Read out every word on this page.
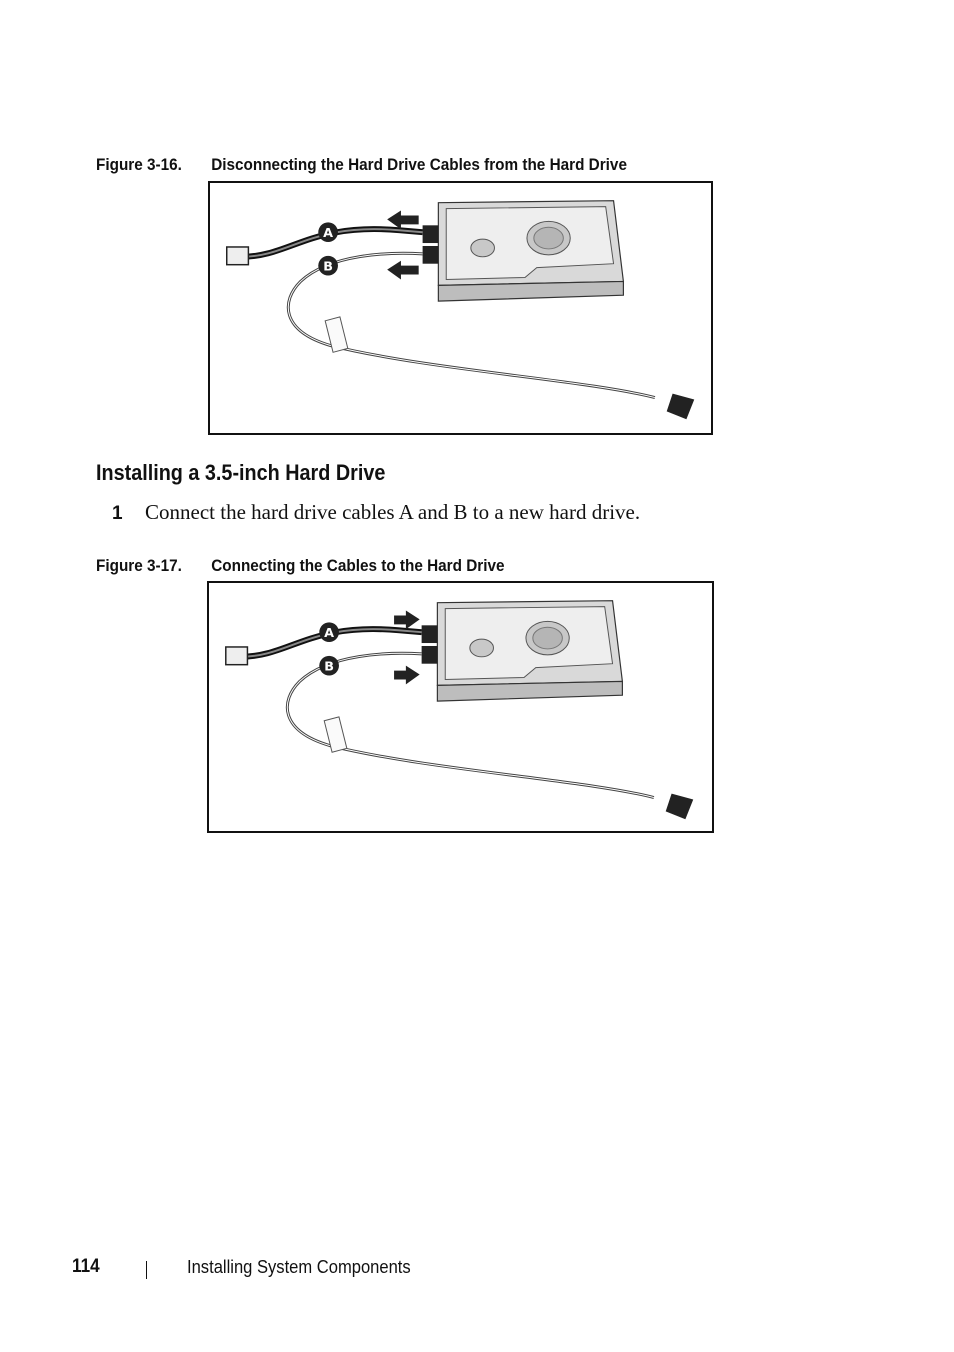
Figure 3-16. Disconnecting the Hard Drive Cables from the Hard Drive

A
B
Installing a 3.5-inch Hard Drive
1 Connect the hard drive cables A and B to a new hard drive.

Figure 3-17. Connecting the Cables to the Hard Drive

A
B
114	Installing System Components
